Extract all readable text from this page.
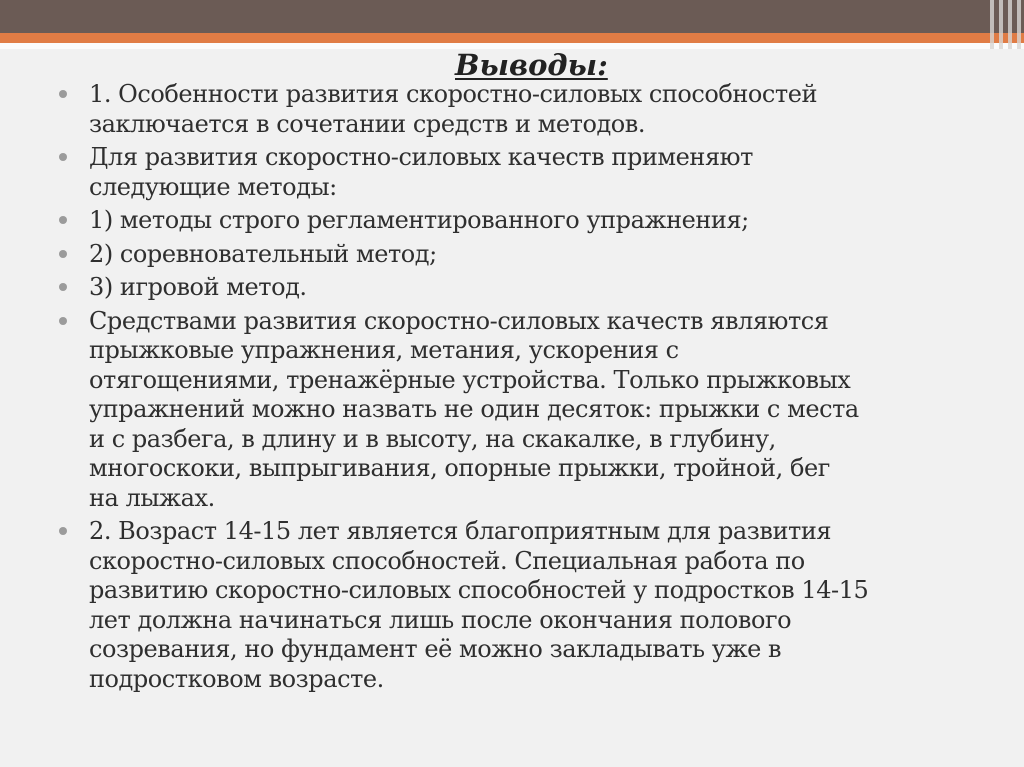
Выводы:
1. Особенности развития скоростно-силовых способностей
заключается в сочетании средств и методов.
Для развития скоростно-силовых качеств применяют
следующие методы:
1) методы строго регламентированного упражнения;
2) соревновательный метод;
3) игровой метод.
Средствами развития скоростно-силовых качеств являются
прыжковые упражнения, метания, ускорения с
отягощениями, тренажёрные устройства. Только прыжковых
упражнений можно назвать не один десяток: прыжки с места
и с разбега, в длину и в высоту, на скакалке, в глубину,
многоскоки, выпрыгивания, опорные прыжки, тройной, бег
на лыжах.
2. Возраст 14-15 лет является благоприятным для развития
скоростно-силовых способностей. Специальная работа по
развитию скоростно-силовых способностей у подростков 14-15
лет должна начинаться лишь после окончания полового
созревания, но фундамент её можно закладывать уже в
подростковом возрасте.
